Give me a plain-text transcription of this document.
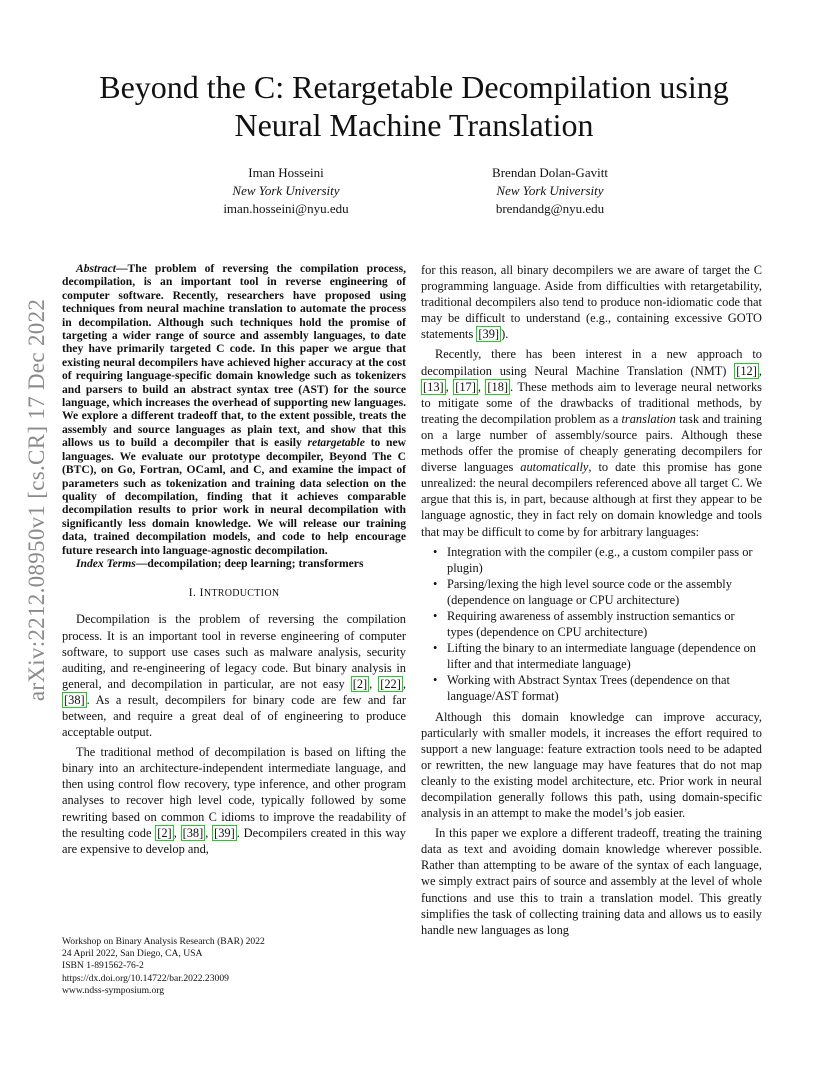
arXiv:2212.08950v1 [cs.CR] 17 Dec 2022
Beyond the C: Retargetable Decompilation using
Neural Machine Translation
Iman Hosseini
New York University
iman.hosseini@nyu.edu
Brendan Dolan-Gavitt
New York University
brendandg@nyu.edu

Abstract—The problem of reversing the compilation process, decompilation, is an important tool in reverse engineering of computer software. Recently, researchers have proposed using techniques from neural machine translation to automate the process in decompilation. Although such techniques hold the promise of targeting a wider range of source and assembly languages, to date they have primarily targeted C code. In this paper we argue that existing neural decompilers have achieved higher accuracy at the cost of requiring language-specific domain knowledge such as tokenizers and parsers to build an abstract syntax tree (AST) for the source language, which increases the overhead of supporting new languages. We explore a different tradeoff that, to the extent possible, treats the assembly and source languages as plain text, and show that this allows us to build a decompiler that is easily retargetable to new languages. We evaluate our prototype decompiler, Beyond The C (BTC), on Go, Fortran, OCaml, and C, and examine the impact of parameters such as tokenization and training data selection on the quality of decompilation, finding that it achieves comparable decompilation results to prior work in neural decompilation with significantly less domain knowledge. We will release our training data, trained decompilation models, and code to help encourage future research into language-agnostic decompilation.

Index Terms—decompilation; deep learning; transformers

I. INTRODUCTION

Decompilation is the problem of reversing the compilation process. It is an important tool in reverse engineering of computer software, to support use cases such as malware analysis, security auditing, and re-engineering of legacy code. But binary analysis in general, and decompilation in particular, are not easy [2] , [22] , [38] . As a result, decompilers for binary code are few and far between, and require a great deal of of engineering to produce acceptable output.

The traditional method of decompilation is based on lifting the binary into an architecture-independent intermediate language, and then using control flow recovery, type inference, and other program analyses to recover high level code, typically followed by some rewriting based on common C idioms to improve the readability of the resulting code [2] , [38] , [39] . Decompilers created in this way are expensive to develop and,

for this reason, all binary decompilers we are aware of target the C programming language. Aside from difficulties with retargetability, traditional decompilers also tend to produce non-idiomatic code that may be difficult to understand (e.g., containing excessive GOTO statements [39] ).

Recently, there has been interest in a new approach to decompilation using Neural Machine Translation (NMT) [12] , [13] , [17] , [18] . These methods aim to leverage neural networks to mitigate some of the drawbacks of traditional methods, by treating the decompilation problem as a translation task and training on a large number of assembly/source pairs. Although these methods offer the promise of cheaply generating decompilers for diverse languages automatically, to date this promise has gone unrealized: the neural decompilers referenced above all target C. We argue that this is, in part, because although at first they appear to be language agnostic, they in fact rely on domain knowledge and tools that may be difficult to come by for arbitrary languages:

• Integration with the compiler (e.g., a custom compiler pass or plugin)
• Parsing/lexing the high level source code or the assembly (dependence on language or CPU architecture)
• Requiring awareness of assembly instruction semantics or types (dependence on CPU architecture)
• Lifting the binary to an intermediate language (dependence on lifter and that intermediate language)
• Working with Abstract Syntax Trees (dependence on that language/AST format)

Although this domain knowledge can improve accuracy, particularly with smaller models, it increases the effort required to support a new language: feature extraction tools need to be adapted or rewritten, the new language may have features that do not map cleanly to the existing model architecture, etc. Prior work in neural decompilation generally follows this path, using domain-specific analysis in an attempt to make the model’s job easier.

In this paper we explore a different tradeoff, treating the training data as text and avoiding domain knowledge wherever possible. Rather than attempting to be aware of the syntax of each language, we simply extract pairs of source and assembly at the level of whole functions and use this to train a translation model. This greatly simplifies the task of collecting training data and allows us to easily handle new languages as long

Workshop on Binary Analysis Research (BAR) 2022
24 April 2022, San Diego, CA, USA
ISBN 1-891562-76-2
https://dx.doi.org/10.14722/bar.2022.23009
www.ndss-symposium.org
